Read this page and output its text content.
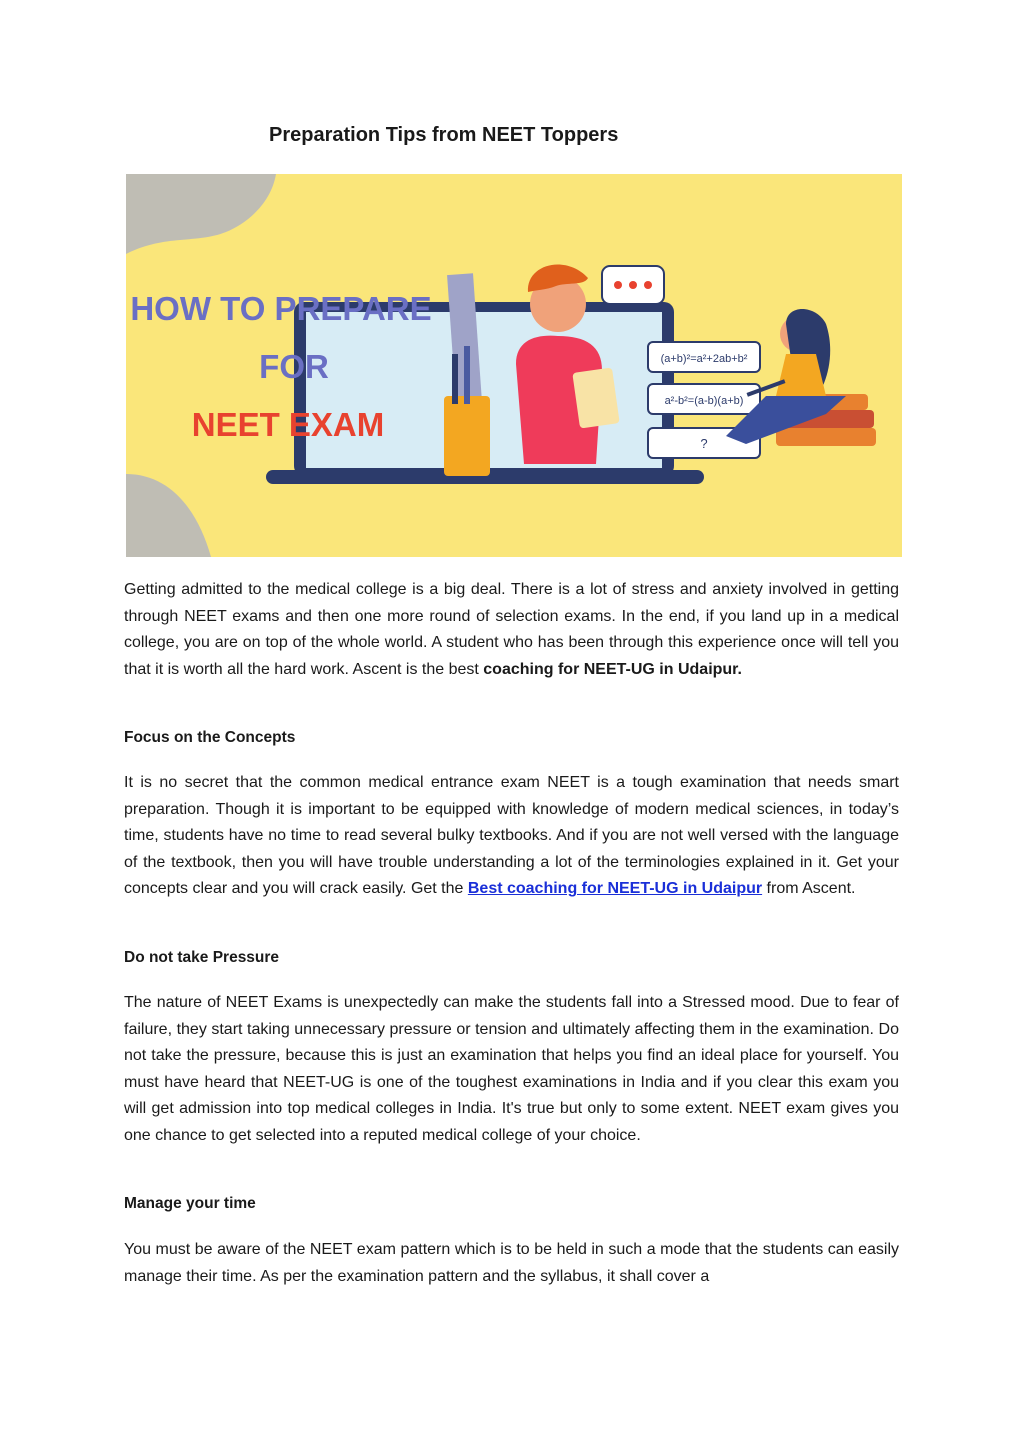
Preparation Tips from NEET Toppers
HOW TO PREPARE
FOR
NEET EXAM
(a+b)²=a²+2ab+b²
a²-b²=(a-b)(a+b)
?

Getting admitted to the medical college is a big deal. There is a lot of stress and anxiety involved in getting through NEET exams and then one more round of selection exams. In the end, if you land up in a medical college, you are on top of the whole world. A student who has been through this experience once will tell you that it is worth all the hard work. Ascent is the best coaching for NEET-UG in Udaipur.

Focus on the Concepts

It is no secret that the common medical entrance exam NEET is a tough examination that needs smart preparation. Though it is important to be equipped with knowledge of modern medical sciences, in today’s time, students have no time to read several bulky textbooks. And if you are not well versed with the language of the textbook, then you will have trouble understanding a lot of the terminologies explained in it. Get your concepts clear and you will crack easily. Get the Best coaching for NEET-UG in Udaipur from Ascent.

Do not take Pressure

The nature of NEET Exams is unexpectedly can make the students fall into a Stressed mood. Due to fear of failure, they start taking unnecessary pressure or tension and ultimately affecting them in the examination. Do not take the pressure, because this is just an examination that helps you find an ideal place for yourself. You must have heard that NEET-UG is one of the toughest examinations in India and if you clear this exam you will get admission into top medical colleges in India. It's true but only to some extent. NEET exam gives you one chance to get selected into a reputed medical college of your choice.

Manage your time

You must be aware of the NEET exam pattern which is to be held in such a mode that the students can easily manage their time. As per the examination pattern and the syllabus, it shall cover a
